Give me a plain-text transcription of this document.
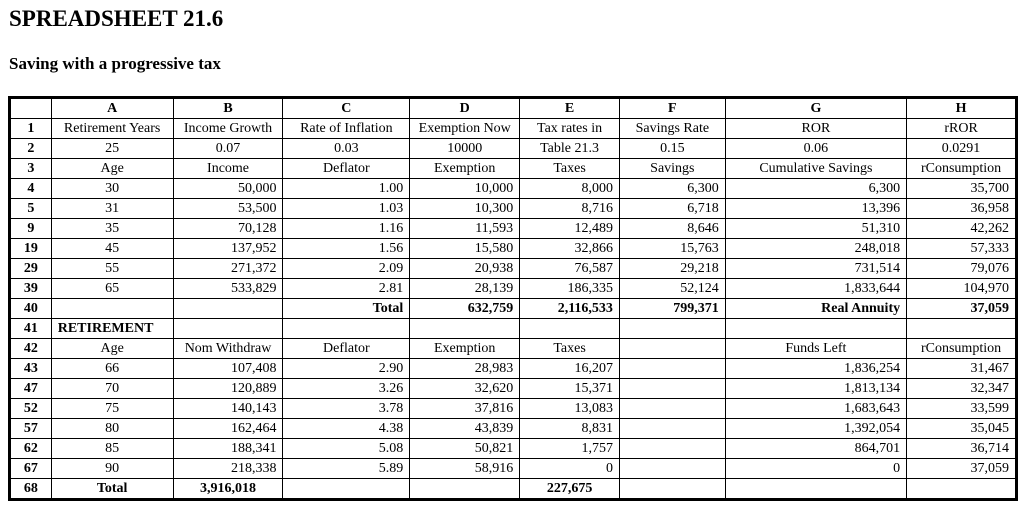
SPREADSHEET 21.6
Saving with a progressive tax
	A	B	C	D	E	F	G	H
1	Retirement Years	Income Growth	Rate of Inflation	Exemption Now	Tax rates in	Savings Rate	ROR	rROR
2	25	0.07	0.03	10000	Table 21.3	0.15	0.06	0.0291
3	Age	Income	Deflator	Exemption	Taxes	Savings	Cumulative Savings	rConsumption
4	30	50,000	1.00	10,000	8,000	6,300	6,300	35,700
5	31	53,500	1.03	10,300	8,716	6,718	13,396	36,958
9	35	70,128	1.16	11,593	12,489	8,646	51,310	42,262
19	45	137,952	1.56	15,580	32,866	15,763	248,018	57,333
29	55	271,372	2.09	20,938	76,587	29,218	731,514	79,076
39	65	533,829	2.81	28,139	186,335	52,124	1,833,644	104,970
40			Total	632,759	2,116,533	799,371	Real Annuity	37,059
41	RETIREMENT							
42	Age	Nom Withdraw	Deflator	Exemption	Taxes		Funds Left	rConsumption
43	66	107,408	2.90	28,983	16,207		1,836,254	31,467
47	70	120,889	3.26	32,620	15,371		1,813,134	32,347
52	75	140,143	3.78	37,816	13,083		1,683,643	33,599
57	80	162,464	4.38	43,839	8,831		1,392,054	35,045
62	85	188,341	5.08	50,821	1,757		864,701	36,714
67	90	218,338	5.89	58,916	0		0	37,059
68	Total	3,916,018			227,675			
